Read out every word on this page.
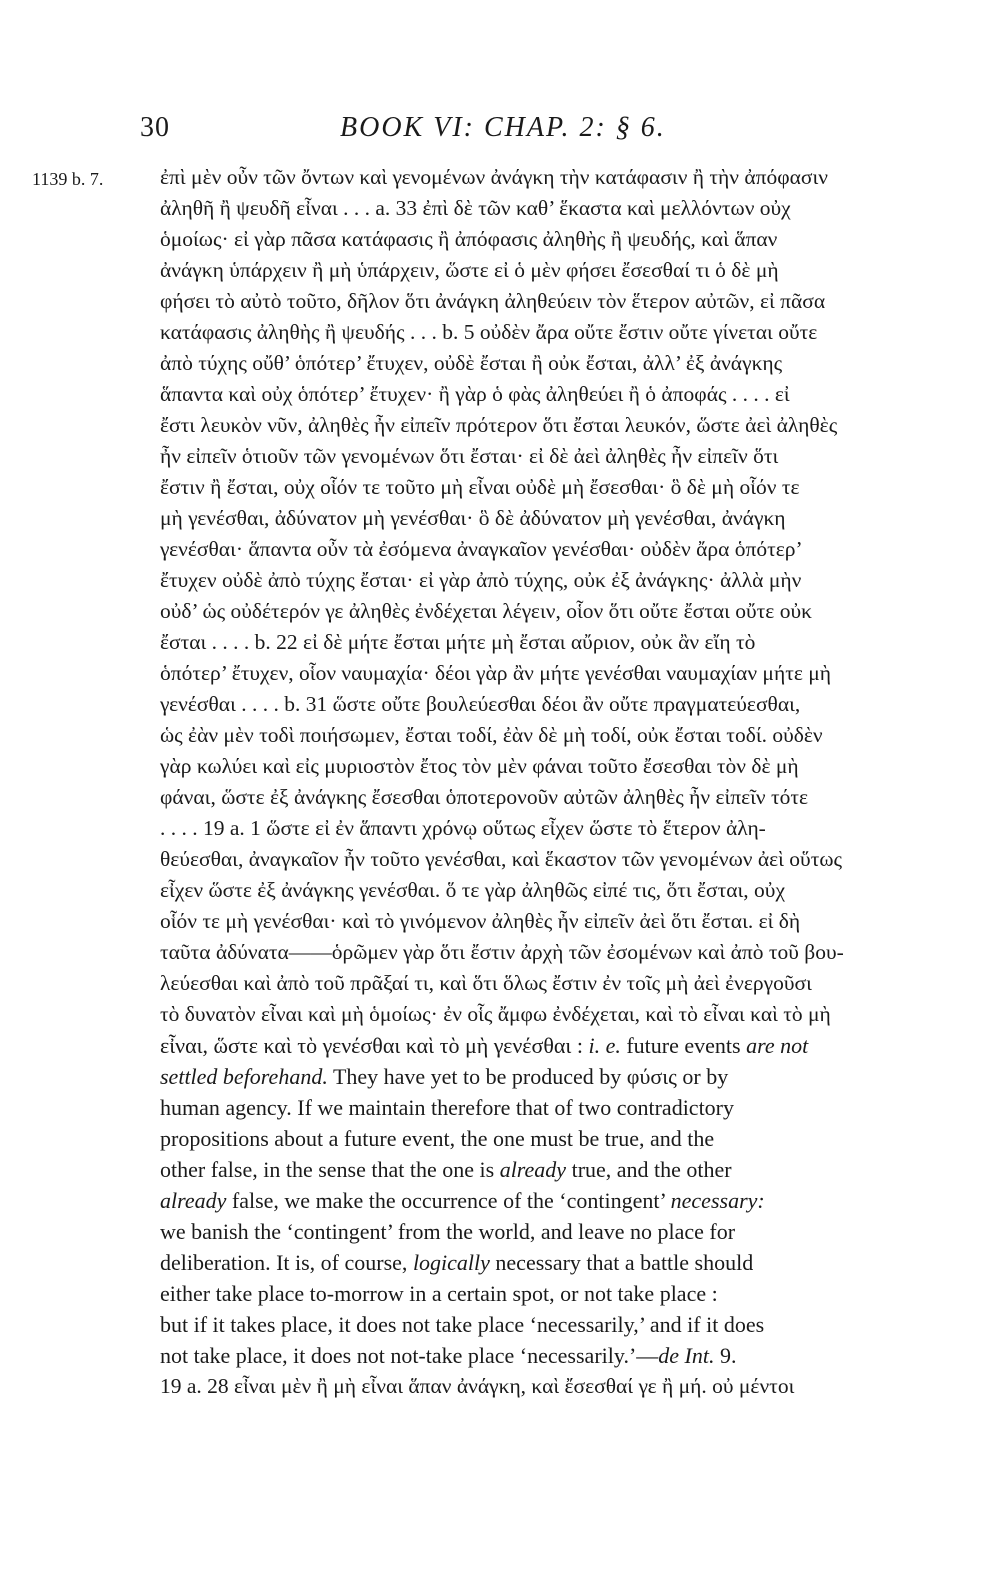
30	BOOK VI: CHAP. 2: § 6.
1139 b. 7.	ἐπὶ μὲν οὖν τῶν ὄντων καὶ γενομένων ἀνάγκη τὴν κατάφασιν ἢ τὴν ἀπόφασιν
ἀληθῆ ἢ ψευδῆ εἶναι . . . a. 33 ἐπὶ δὲ τῶν καθ’ ἕκαστα καὶ μελλόντων οὐχ
ὁμοίως· εἰ γὰρ πᾶσα κατάφασις ἢ ἀπόφασις ἀληθὴς ἢ ψευδής, καὶ ἅπαν
ἀνάγκη ὑπάρχειν ἢ μὴ ὑπάρχειν, ὥστε εἰ ὁ μὲν φήσει ἔσεσθαί τι ὁ δὲ μὴ
φήσει τὸ αὐτὸ τοῦτο, δῆλον ὅτι ἀνάγκη ἀληθεύειν τὸν ἕτερον αὐτῶν, εἰ πᾶσα
κατάφασις ἀληθὴς ἢ ψευδής . . . b. 5 οὐδὲν ἄρα οὔτε ἔστιν οὔτε γίνεται οὔτε
ἀπὸ τύχης οὔθ’ ὁπότερ’ ἔτυχεν, οὐδὲ ἔσται ἢ οὐκ ἔσται, ἀλλ’ ἐξ ἀνάγκης
ἅπαντα καὶ οὐχ ὁπότερ’ ἔτυχεν· ἢ γὰρ ὁ φὰς ἀληθεύει ἢ ὁ ἀποφάς . . . . εἰ
ἔστι λευκὸν νῦν, ἀληθὲς ἦν εἰπεῖν πρότερον ὅτι ἔσται λευκόν, ὥστε ἀεὶ ἀληθὲς
ἦν εἰπεῖν ὁτιοῦν τῶν γενομένων ὅτι ἔσται· εἰ δὲ ἀεὶ ἀληθὲς ἦν εἰπεῖν ὅτι
ἔστιν ἢ ἔσται, οὐχ οἷόν τε τοῦτο μὴ εἶναι οὐδὲ μὴ ἔσεσθαι· ὃ δὲ μὴ οἷόν τε
μὴ γενέσθαι, ἀδύνατον μὴ γενέσθαι· ὃ δὲ ἀδύνατον μὴ γενέσθαι, ἀνάγκη
γενέσθαι· ἅπαντα οὖν τὰ ἐσόμενα ἀναγκαῖον γενέσθαι· οὐδὲν ἄρα ὁπότερ’
ἔτυχεν οὐδὲ ἀπὸ τύχης ἔσται· εἰ γὰρ ἀπὸ τύχης, οὐκ ἐξ ἀνάγκης· ἀλλὰ μὴν
οὐδ’ ὡς οὐδέτερόν γε ἀληθὲς ἐνδέχεται λέγειν, οἷον ὅτι οὔτε ἔσται οὔτε οὐκ
ἔσται . . . . b. 22 εἰ δὲ μήτε ἔσται μήτε μὴ ἔσται αὔριον, οὐκ ἂν εἴη τὸ
ὁπότερ’ ἔτυχεν, οἷον ναυμαχία· δέοι γὰρ ἂν μήτε γενέσθαι ναυμαχίαν μήτε μὴ
γενέσθαι . . . . b. 31 ὥστε οὔτε βουλεύεσθαι δέοι ἂν οὔτε πραγματεύεσθαι,
ὡς ἐὰν μὲν τοδὶ ποιήσωμεν, ἔσται τοδί, ἐὰν δὲ μὴ τοδί, οὐκ ἔσται τοδί. οὐδὲν
γὰρ κωλύει καὶ εἰς μυριοστὸν ἔτος τὸν μὲν φάναι τοῦτο ἔσεσθαι τὸν δὲ μὴ
φάναι, ὥστε ἐξ ἀνάγκης ἔσεσθαι ὁποτερονοῦν αὐτῶν ἀληθὲς ἦν εἰπεῖν τότε
. . . . 19 a. 1 ὥστε εἰ ἐν ἅπαντι χρόνῳ οὕτως εἶχεν ὥστε τὸ ἕτερον ἀλη-
θεύεσθαι, ἀναγκαῖον ἦν τοῦτο γενέσθαι, καὶ ἕκαστον τῶν γενομένων ἀεὶ οὕτως
εἶχεν ὥστε ἐξ ἀνάγκης γενέσθαι. ὅ τε γὰρ ἀληθῶς εἰπέ τις, ὅτι ἔσται, οὐχ
οἷόν τε μὴ γενέσθαι· καὶ τὸ γινόμενον ἀληθὲς ἦν εἰπεῖν ἀεὶ ὅτι ἔσται. εἰ δὴ
ταῦτα ἀδύνατα——ὁρῶμεν γὰρ ὅτι ἔστιν ἀρχὴ τῶν ἐσομένων καὶ ἀπὸ τοῦ βου-
λεύεσθαι καὶ ἀπὸ τοῦ πρᾶξαί τι, καὶ ὅτι ὅλως ἔστιν ἐν τοῖς μὴ ἀεὶ ἐνεργοῦσι
τὸ δυνατὸν εἶναι καὶ μὴ ὁμοίως· ἐν οἷς ἄμφω ἐνδέχεται, καὶ τὸ εἶναι καὶ τὸ μὴ
εἶναι, ὥστε καὶ τὸ γενέσθαι καὶ τὸ μὴ γενέσθαι : i. e. future events are not
settled beforehand. They have yet to be produced by φύσις or by
human agency. If we maintain therefore that of two contradictory
propositions about a future event, the one must be true, and the
other false, in the sense that the one is already true, and the other
already false, we make the occurrence of the ‘contingent’ necessary:
we banish the ‘contingent’ from the world, and leave no place for
deliberation. It is, of course, logically necessary that a battle should
either take place to-morrow in a certain spot, or not take place :
but if it takes place, it does not take place ‘necessarily,’ and if it does
not take place, it does not not-take place ‘necessarily.’—de Int. 9.
19 a. 28 εἶναι μὲν ἢ μὴ εἶναι ἅπαν ἀνάγκη, καὶ ἔσεσθαί γε ἢ μή. οὐ μέντοι
